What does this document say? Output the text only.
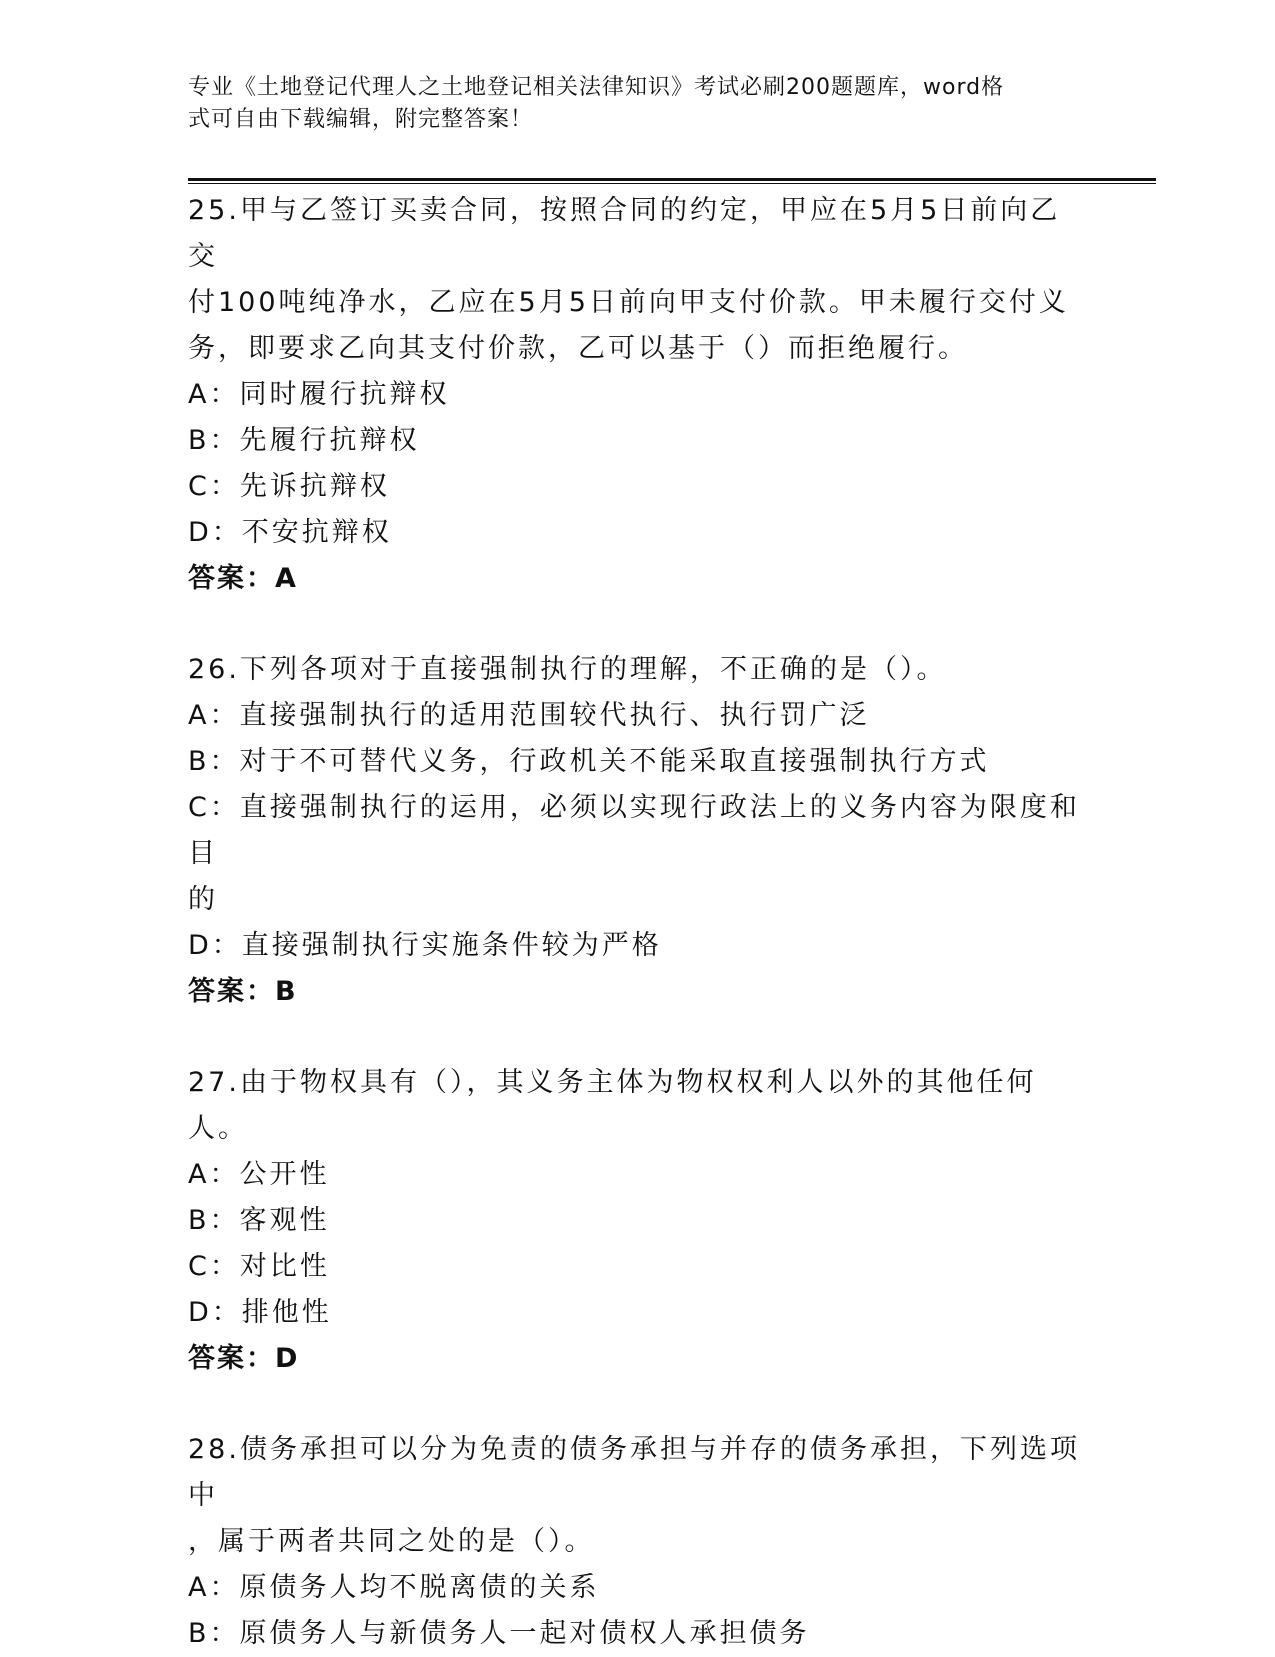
专业《土地登记代理人之土地登记相关法律知识》考试必刷200题题库，word格
式可自由下载编辑，附完整答案！
25.甲与乙签订买卖合同，按照合同的约定，甲应在5月5日前向乙交
付100吨纯净水，乙应在5月5日前向甲支付价款。甲未履行交付义
务，即要求乙向其支付价款，乙可以基于（）而拒绝履行。
A：同时履行抗辩权
B：先履行抗辩权
C：先诉抗辩权
D：不安抗辩权
答案：A
26.下列各项对于直接强制执行的理解，不正确的是（）。
A：直接强制执行的适用范围较代执行、执行罚广泛
B：对于不可替代义务，行政机关不能采取直接强制执行方式
C：直接强制执行的运用，必须以实现行政法上的义务内容为限度和目
的
D：直接强制执行实施条件较为严格
答案：B
27.由于物权具有（），其义务主体为物权权利人以外的其他任何人。
A：公开性
B：客观性
C：对比性
D：排他性
答案：D
28.债务承担可以分为免责的债务承担与并存的债务承担，下列选项中
，属于两者共同之处的是（）。
A：原债务人均不脱离债的关系
B：原债务人与新债务人一起对债权人承担债务
